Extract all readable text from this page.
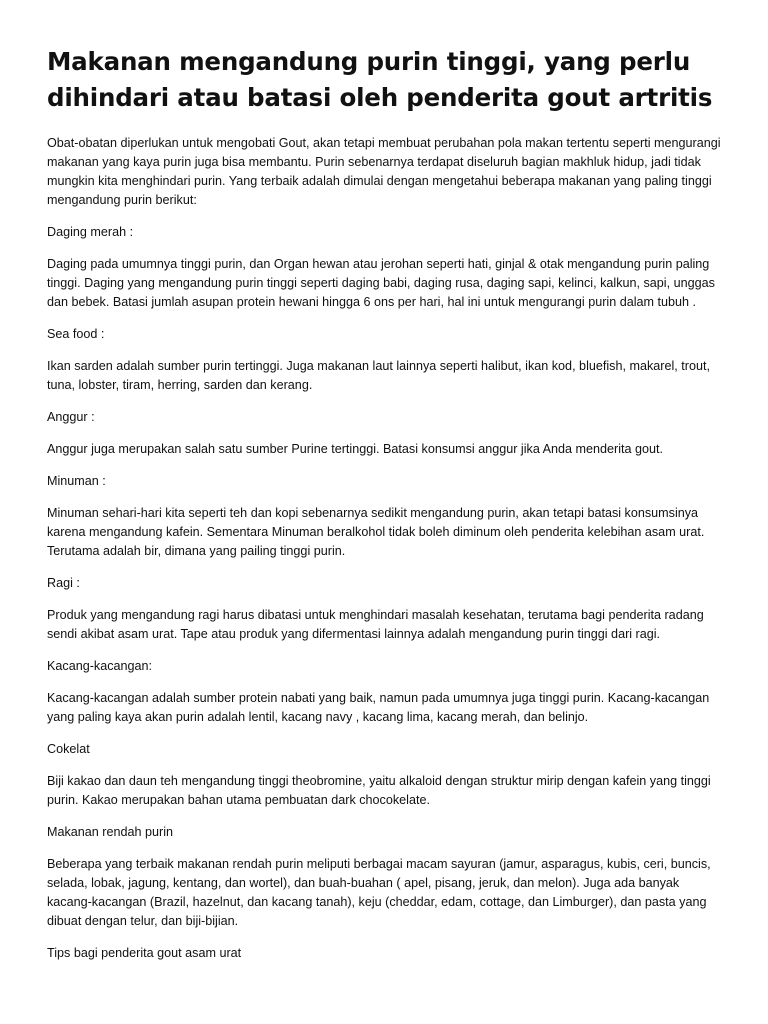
Makanan mengandung purin tinggi, yang perlu dihindari atau batasi oleh penderita gout artritis

Obat-obatan diperlukan untuk mengobati Gout, akan tetapi membuat perubahan pola makan tertentu seperti mengurangi makanan yang kaya purin juga bisa membantu. Purin sebenarnya terdapat diseluruh bagian makhluk hidup, jadi tidak mungkin kita menghindari purin. Yang terbaik adalah dimulai dengan mengetahui beberapa makanan yang paling tinggi mengandung purin berikut:

Daging merah :

Daging pada umumnya tinggi purin, dan Organ hewan atau jerohan seperti hati, ginjal & otak mengandung purin paling tinggi. Daging yang mengandung purin tinggi seperti daging babi, daging rusa, daging sapi, kelinci, kalkun, sapi, unggas dan bebek. Batasi jumlah asupan protein hewani hingga 6 ons per hari, hal ini untuk mengurangi purin dalam tubuh .

Sea food :

Ikan sarden adalah sumber purin tertinggi. Juga makanan laut lainnya seperti halibut, ikan kod, bluefish, makarel, trout, tuna, lobster, tiram, herring, sarden dan kerang.

Anggur :

Anggur juga merupakan salah satu sumber Purine tertinggi. Batasi konsumsi anggur jika Anda menderita gout.

Minuman :

Minuman sehari-hari kita seperti teh dan kopi sebenarnya sedikit mengandung purin, akan tetapi batasi konsumsinya karena mengandung kafein. Sementara Minuman beralkohol tidak boleh diminum oleh penderita kelebihan asam urat. Terutama adalah bir, dimana yang pailing tinggi purin.

Ragi :

Produk yang mengandung ragi harus dibatasi untuk menghindari masalah kesehatan, terutama bagi penderita radang sendi akibat asam urat. Tape atau produk yang difermentasi lainnya adalah mengandung purin tinggi dari ragi.

Kacang-kacangan:

Kacang-kacangan adalah sumber protein nabati yang baik, namun pada umumnya juga tinggi purin. Kacang-kacangan yang paling kaya akan purin adalah lentil, kacang navy , kacang lima, kacang merah, dan belinjo.

Cokelat

Biji kakao dan daun teh mengandung tinggi theobromine, yaitu alkaloid dengan struktur mirip dengan kafein yang tinggi purin. Kakao merupakan bahan utama pembuatan dark chocokelate.

Makanan rendah purin

Beberapa yang terbaik makanan rendah purin meliputi berbagai macam sayuran (jamur, asparagus, kubis, ceri, buncis, selada, lobak, jagung, kentang, dan wortel), dan buah-buahan ( apel, pisang, jeruk, dan melon). Juga ada banyak kacang-kacangan (Brazil, hazelnut, dan kacang tanah), keju (cheddar, edam, cottage, dan Limburger), dan pasta yang dibuat dengan telur, dan biji-bijian.

Tips bagi penderita gout asam urat
